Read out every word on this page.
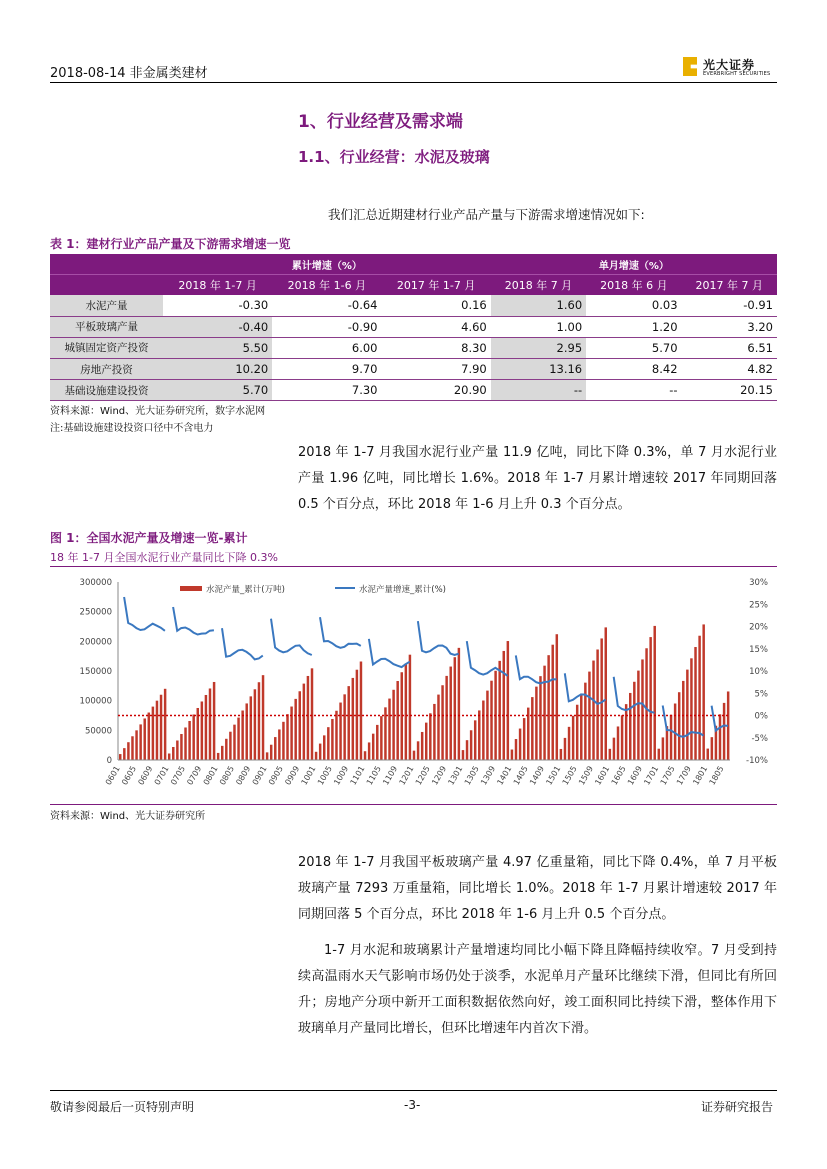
2018-08-14 非金属类建材
光大证券
EVERBRIGHT SECURITIES
1、行业经营及需求端
1.1、行业经营：水泥及玻璃
我们汇总近期建材行业产品产量与下游需求增速情况如下:
表 1：建材行业产品产量及下游需求增速一览
	累计增速（%）			单月增速（%）		
	2018 年 1-7 月	2018 年 1-6 月	2017 年 1-7 月	2018 年 7 月	2018 年 6 月	2017 年 7 月
水泥产量	-0.30	-0.64	0.16	1.60	0.03	-0.91
平板玻璃产量	-0.40	-0.90	4.60	1.00	1.20	3.20
城镇固定资产投资	5.50	6.00	8.30	2.95	5.70	6.51
房地产投资	10.20	9.70	7.90	13.16	8.42	4.82
基础设施建设投资	5.70	7.30	20.90	--	--	20.15
资料来源：Wind、光大证券研究所，数字水泥网
注:基础设施建设投资口径中不含电力
2018 年 1-7 月我国水泥行业产量 11.9 亿吨，同比下降 0.3%，单 7 月水泥行业产量 1.96 亿吨，同比增长 1.6%。2018 年 1-7 月累计增速较 2017 年同期回落 0.5 个百分点，环比 2018 年 1-6 月上升 0.3 个百分点。
图 1：全国水泥产量及增速一览-累计
18 年 1-7 月全国水泥行业产量同比下降 0.3%
300000
250000
200000
150000
100000
50000
0
30%
25%
20%
15%
10%
5%
0%
-5%
-10%
0601
0605
0609
0701
0705
0709
0801
0805
0809
0901
0905
0909
1001
1005
1009
1101
1105
1109
1201
1205
1209
1301
1305
1309
1401
1405
1409
1501
1505
1509
1601
1605
1609
1701
1705
1709
1801
1805
水泥产量_累计(万吨)	水泥产量增速_累计(%)
资料来源：Wind、光大证券研究所
2018 年 1-7 月我国平板玻璃产量 4.97 亿重量箱，同比下降 0.4%，单 7 月平板玻璃产量 7293 万重量箱，同比增长 1.0%。2018 年 1-7 月累计增速较 2017 年同期回落 5 个百分点，环比 2018 年 1-6 月上升 0.5 个百分点。
1-7 月水泥和玻璃累计产量增速均同比小幅下降且降幅持续收窄。7 月受到持续高温雨水天气影响市场仍处于淡季，水泥单月产量环比继续下滑，但同比有所回升；房地产分项中新开工面积数据依然向好，竣工面积同比持续下滑，整体作用下玻璃单月产量同比增长，但环比增速年内首次下滑。
敬请参阅最后一页特别声明	-3-	证券研究报告
